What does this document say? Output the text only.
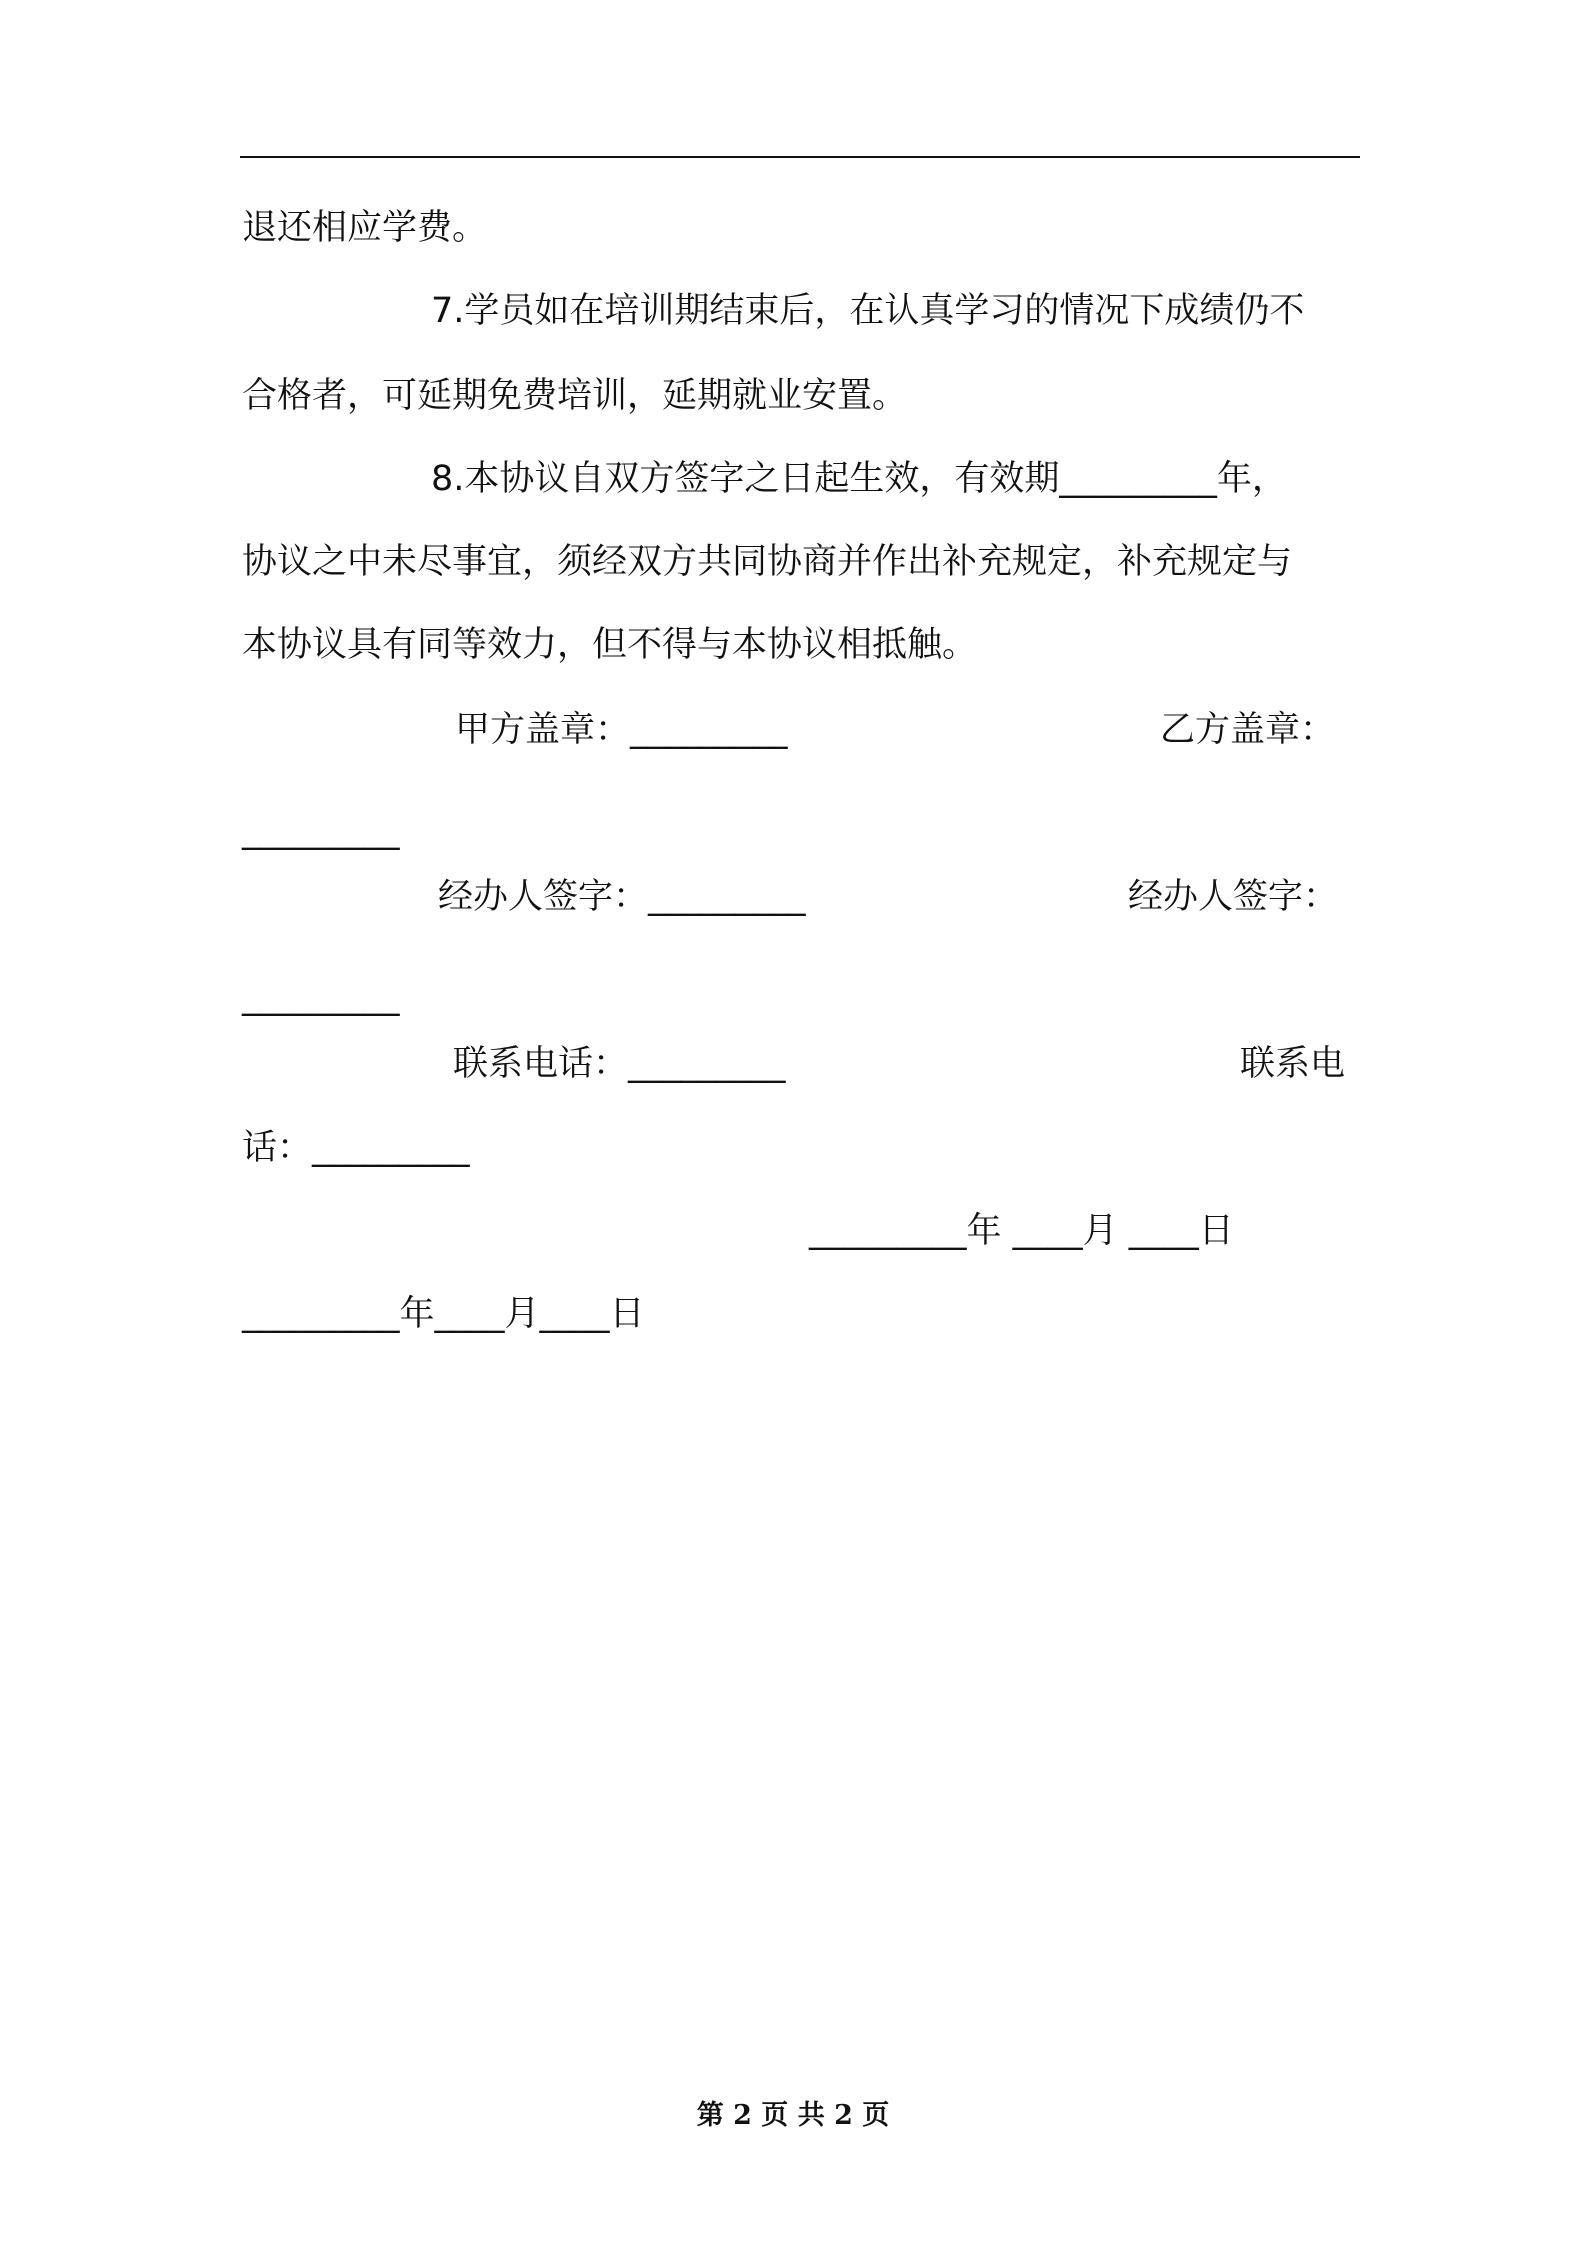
退还相应学费。
7.学员如在培训期结束后，在认真学习的情况下成绩仍不
合格者，可延期免费培训，延期就业安置。
8.本协议自双方签字之日起生效，有效期_________年，
协议之中未尽事宜，须经双方共同协商并作出补充规定，补充规定与
本协议具有同等效力，但不得与本协议相抵触。
甲方盖章：_________	乙方盖章：
_________
经办人签字：_________	经办人签字：
_________
联系电话：_________	联系电
话：_________
_________年 ____月 ____日
_________年____月____日
第 2 页 共 2 页
